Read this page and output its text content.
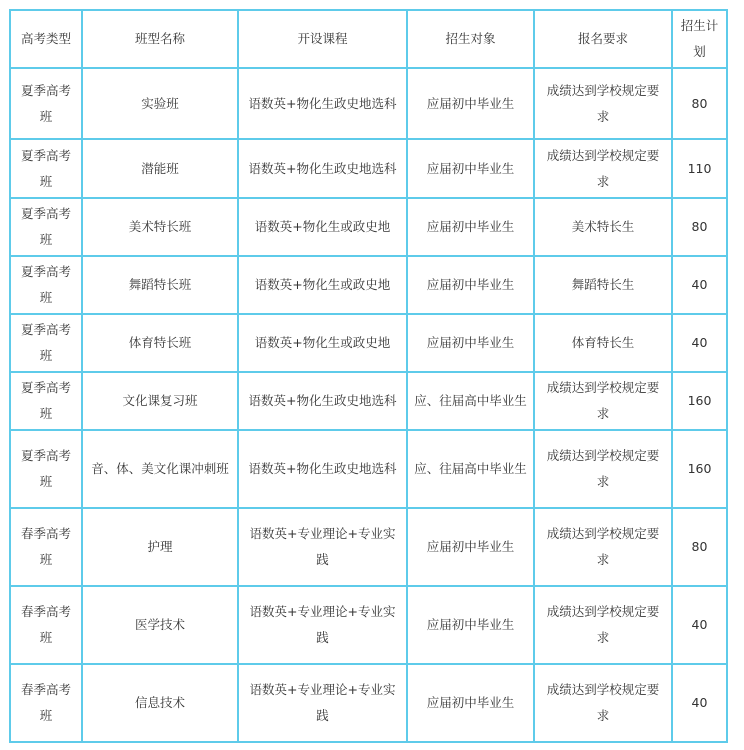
高考类型	班型名称	开设课程	招生对象	报名要求	招生计划
夏季高考班	实验班	语数英+物化生政史地选科	应届初中毕业生	成绩达到学校规定要求	80
夏季高考班	潜能班	语数英+物化生政史地选科	应届初中毕业生	成绩达到学校规定要求	110
夏季高考班	美术特长班	语数英+物化生或政史地	应届初中毕业生	美术特长生	80
夏季高考班	舞蹈特长班	语数英+物化生或政史地	应届初中毕业生	舞蹈特长生	40
夏季高考班	体育特长班	语数英+物化生或政史地	应届初中毕业生	体育特长生	40
夏季高考班	文化课复习班	语数英+物化生政史地选科	应、往届高中毕业生	成绩达到学校规定要求	160
夏季高考班	音、体、美文化课冲刺班	语数英+物化生政史地选科	应、往届高中毕业生	成绩达到学校规定要求	160
春季高考班	护理	语数英+专业理论+专业实践	应届初中毕业生	成绩达到学校规定要求	80
春季高考班	医学技术	语数英+专业理论+专业实践	应届初中毕业生	成绩达到学校规定要求	40
春季高考班	信息技术	语数英+专业理论+专业实践	应届初中毕业生	成绩达到学校规定要求	40
